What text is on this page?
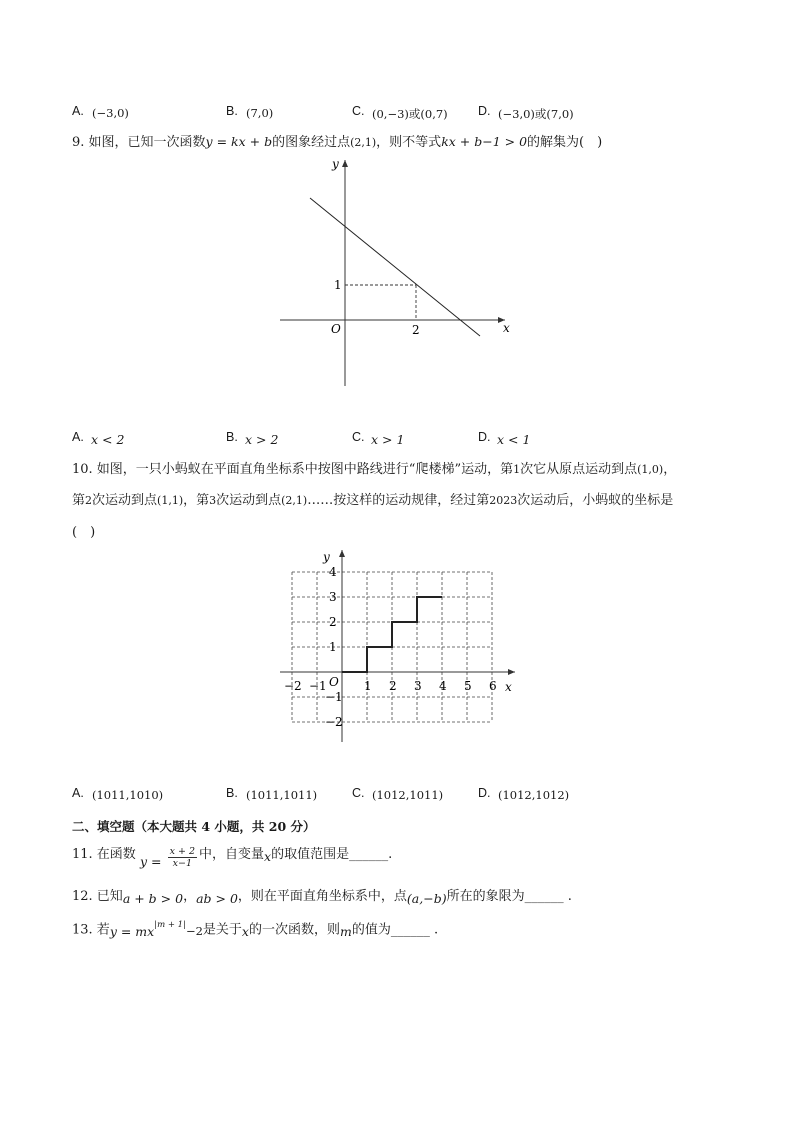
A. (−3,0)	B. (7,0)	C. (0,−3)或(0,7) D. (−3,0)或(7,0)
9. 如图，已知一次函数y = kx + b的图象经过点(2,1)，则不等式kx + b−1 > 0的解集为(　)
y
x
O	2
1
A. x < 2	B. x > 2	C. x > 1	D. x < 1
10. 如图，一只小蚂蚁在平面直角坐标系中按图中路线进行“爬楼梯”运动，第1次它从原点运动到点(1,0)，
第2次运动到点(1,1)，第3次运动到点(2,1)……按这样的运动规律，经过第2023次运动后，小蚂蚁的坐标是
(　)
−2 −1	1 2 3 4 5 6
4
3
2
1
−1
−2
y
x
O
A. (1011,1010)	B. (1011,1011)	C. (1012,1011)	D. (1012,1012)
二、填空题（本大题共 4 小题，共 20 分）
11. 在函数 $y = \frac{x + 2}{x-1}$ 中，自变量x的取值范围是______.
12. 已知a + b > 0，ab > 0，则在平面直角坐标系中，点(a,−b)所在的象限为______ .
13. 若$y = mx^{|m + 1|}-2$是关于x的一次函数，则m的值为______ .
